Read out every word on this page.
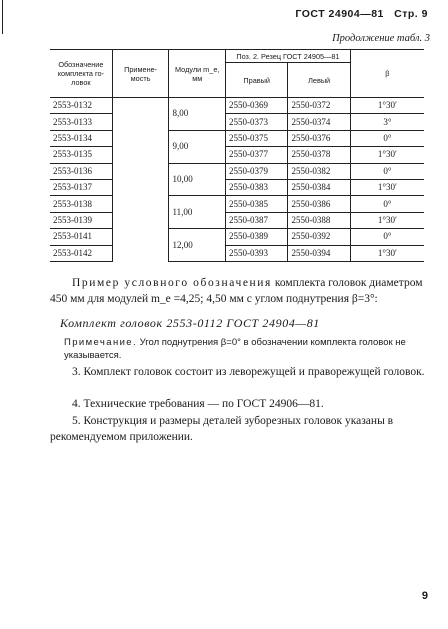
ГОСТ 24904—81 Стр. 9
Продолжение табл. 3
Обозначение комплекта го- ловок	Примене- мость	Модули m_e, мм	Поз. 2. Резец ГОСТ 24905—81		β
			Правый	Левый	
2553-0132		8,00	2550-0369	2550-0372	1°30′
2553-0133			2550-0373	2550-0374	3°
2553-0134		9,00	2550-0375	2550-0376	0°
2553-0135			2550-0377	2550-0378	1°30′
2553-0136		10,00	2550-0379	2550-0382	0°
2553-0137			2550-0383	2550-0384	1°30′
2553-0138		11,00	2550-0385	2550-0386	0°
2553-0139			2550-0387	2550-0388	1°30′
2553-0141		12,00	2550-0389	2550-0392	0°
2553-0142			2550-0393	2550-0394	1°30′
Пример условного обозначения комплекта головок диаметром 450 мм для модулей m_e =4,25; 4,50 мм с углом поднутрения β=3°:
Комплект головок 2553-0112 ГОСТ 24904—81
Примечание. Угол поднутрения β=0° в обозначении комплекта головок не указывается.
3. Комплект головок состоит из леворежущей и праворежущей головок.
4. Технические требования — по ГОСТ 24906—81.
5. Конструкция и размеры деталей зуборезных головок указаны в рекомендуемом приложении.
9
